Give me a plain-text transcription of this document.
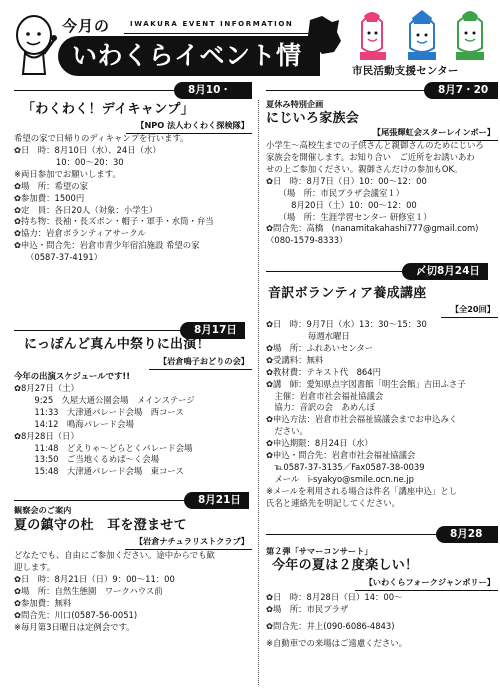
今月の	IWAKURA EVENT INFORMATION
いわくらイベント情報
市民活動支援センター
8月10・24日
「わくわく！デイキャンプ」
【NPO 法人わくわく探検隊】
希望の家で日帰りのディキャンプを行います。
✿日　時：8月10日（水）、24日（水）
　　　　　10：00～20：30
※両日参加でお願いします。
✿場　所：希望の家
✿参加費：1500円
✿定　員：各日20人（対象：小学生）
✿持ち物：長袖・長ズボン・帽子・軍手・水筒・弁当
✿協力：岩倉ボランティアサークル
✿申込・問合先：岩倉市青少年宿泊施設 希望の家
（0587-37-4191）
8月17日
にっぽんど真ん中祭りに出演！
【岩倉鳴子おどりの会】
今年の出演スケジュールです!!
✿8月27日（土）
　9:25　久屋大通公園会場　メインステージ
　11:33　大津通パレード会場　西コース
　14:12　鳴海パレード会場
✿8月28日（日）
　11:48　どえりゃ～どらとくパレード会場
　13:50　ご当地くるめぱ～く会場
　15:48　大津通パレード会場　東コース
8月21日
観察会のご案内
夏の鎮守の杜　耳を澄ませて
【岩倉ナチュラリストクラブ】
どなたでも、自由にご参加ください。途中からでも歓
迎します。
✿日　時：8月21日（日）9：00～11：00
✿場　所：自然生態園　ワークハウス前
✿参加費：無料
✿問合先：川口(0587-56-0051)
※毎月第3日曜日は定例会です。
8月7・20日
夏休み特別企画
にじいろ家族会
【尾張輝虹会スターレインボー】
小学生～高校生までの子供さんと親御さんのためにじいろ
家族会を開催します。お知り合い　ご近所をお誘いあわ
せの上ご参加ください。親御さんだけの参加もOK。
✿日　時：8月7日（日）10：00～12：00
　　（場　所：市民プラザ会議室１）
　　　8月20日（土）10：00～12：00
　　（場　所：生涯学習センター 研修室１）
✿問合先：高橋　(nanamitakahashi777@gmail.com)
（080-1579-8333）
〆切8月24日
音訳ボランティア養成講座
【全20回】
✿日　時：9月7日（水）13：30～15：30
　　　　　毎週水曜日
✿場　所：ふれあいセンター
✿受講料：無料
✿教材費：テキスト代　864円
✿講　師：愛知県点字図書館「明生会館」吉田ふさ子
　主催：岩倉市社会福祉協議会
　協力：音訳の会　あめんぼ
✿申込方法：岩倉市社会福祉協議会までお申込みく
　ださい。
✿申込期限：8月24日（水）
✿申込・問合先：岩倉市社会福祉協議会
　℡0587-37-3135／Fax0587-38-0039
　メール　i-syakyo@smile.ocn.ne.jp
※メールを利用される場合は件名「講座申込」とし
氏名と連絡先を明記してください。
8月28日
第２弾「サマーコンサート」
今年の夏は２度楽しい！
【いわくらフォークジャンボリー】
✿日　時：8月28日（日）14：00～
✿場　所：市民プラザ
✿問合先：井上(090-6086-4843)
※自動車での来場はご遠慮ください。
